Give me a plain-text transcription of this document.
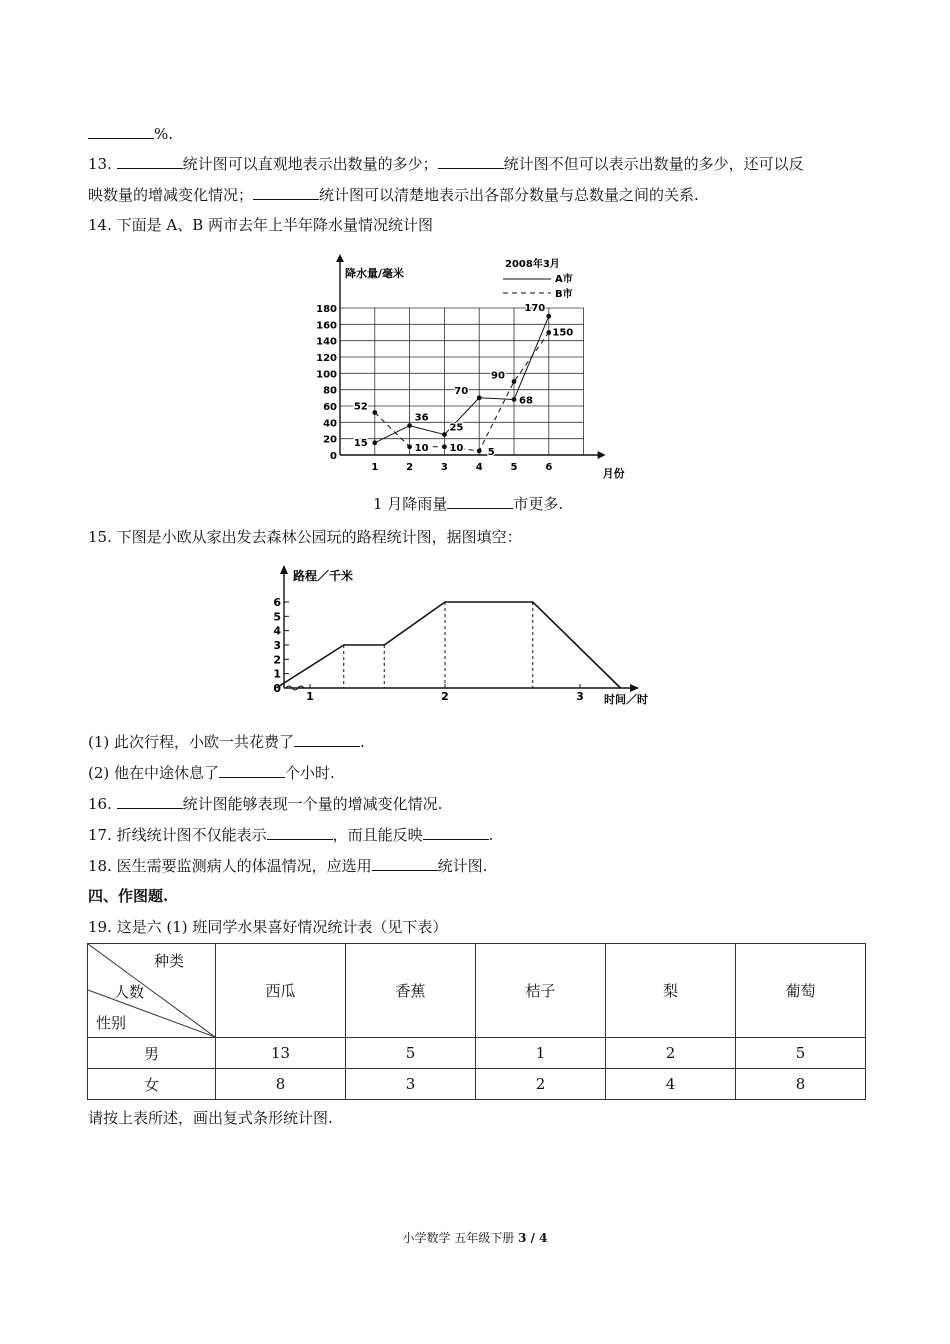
%.
13.	统计图可以直观地表示出数量的多少；	统计图不但可以表示出数量的多少，还可以反
映数量的增减变化情况；	统计图可以清楚地表示出各部分数量与总数量之间的关系.
14. 下面是 A、B 两市去年上半年降水量情况统计图
0
20
40
60
80
100
120
140
160
180
1	2	3	4	5	6
降水量/毫米
月份
2008年3月
A市
B市
15
36
25
70
68
170
52
10 10 5
90
150
1 月降雨量	市更多.
15. 下图是小欧从家出发去森林公园玩的路程统计图，据图填空：
0
1
2
3
4
5
6
1	2	3
路程／千米
时间／时
(1) 此次行程，小欧一共花费了	.
(2) 他在中途休息了	个小时.
16.	统计图能够表现一个量的增减变化情况.
17. 折线统计图不仅能表示	，而且能反映	.
18. 医生需要监测病人的体温情况，应选用	统计图.
四、作图题.
19. 这是六 (1) 班同学水果喜好情况统计表（见下表）
种类
人数
性别	西瓜	香蕉	桔子	梨	葡萄
男	13	5	1	2	5
女	8	3	2	4	8
请按上表所述，画出复式条形统计图.
小学数学 五年级下册 3 / 4
